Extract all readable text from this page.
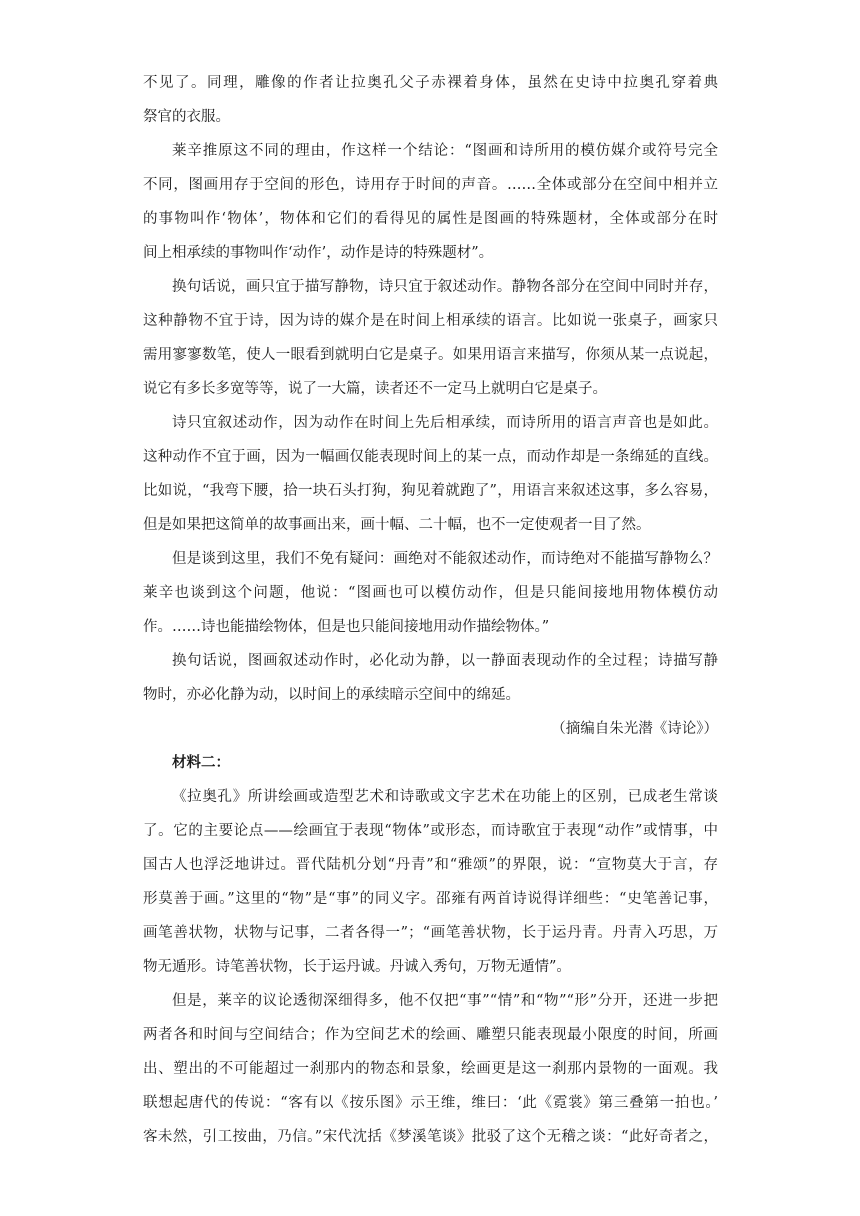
不见了。同理，雕像的作者让拉奥孔父子赤裸着身体，虽然在史诗中拉奥孔穿着典
祭官的衣服。
莱辛推原这不同的理由，作这样一个结论：“图画和诗所用的模仿媒介或符号完全
不同，图画用存于空间的形色，诗用存于时间的声音。……全体或部分在空间中相并立
的事物叫作‘物体’，物体和它们的看得见的属性是图画的特殊题材，全体或部分在时
间上相承续的事物叫作‘动作’，动作是诗的特殊题材”。
换句话说，画只宜于描写静物，诗只宜于叙述动作。静物各部分在空间中同时并存，
这种静物不宜于诗，因为诗的媒介是在时间上相承续的语言。比如说一张桌子，画家只
需用寥寥数笔，使人一眼看到就明白它是桌子。如果用语言来描写，你须从某一点说起，
说它有多长多宽等等，说了一大篇，读者还不一定马上就明白它是桌子。
诗只宜叙述动作，因为动作在时间上先后相承续，而诗所用的语言声音也是如此。
这种动作不宜于画，因为一幅画仅能表现时间上的某一点，而动作却是一条绵延的直线。
比如说，“我弯下腰，拾一块石头打狗，狗见着就跑了”，用语言来叙述这事，多么容易，
但是如果把这简单的故事画出来，画十幅、二十幅，也不一定使观者一目了然。
但是谈到这里，我们不免有疑问：画绝对不能叙述动作，而诗绝对不能描写静物么？
莱辛也谈到这个问题，他说：“图画也可以模仿动作，但是只能间接地用物体模仿动
作。……诗也能描绘物体，但是也只能间接地用动作描绘物体。”
换句话说，图画叙述动作时，必化动为静，以一静面表现动作的全过程；诗描写静
物时，亦必化静为动，以时间上的承续暗示空间中的绵延。
（摘编自朱光潜《诗论》）
材料二：
《拉奥孔》所讲绘画或造型艺术和诗歌或文字艺术在功能上的区别，已成老生常谈
了。它的主要论点——绘画宜于表现“物体”或形态，而诗歌宜于表现“动作”或情事，中
国古人也浮泛地讲过。晋代陆机分划“丹青”和“雅颂”的界限，说：“宣物莫大于言，存
形莫善于画。”这里的“物”是“事”的同义字。邵雍有两首诗说得详细些：“史笔善记事，
画笔善状物，状物与记事，二者各得一”；“画笔善状物，长于运丹青。丹青入巧思，万
物无遁形。诗笔善状物，长于运丹诚。丹诚入秀句，万物无遁情”。
但是，莱辛的议论透彻深细得多，他不仅把“事”“情”和“物”“形”分开，还进一步把
两者各和时间与空间结合；作为空间艺术的绘画、雕塑只能表现最小限度的时间，所画
出、塑出的不可能超过一刹那内的物态和景象，绘画更是这一刹那内景物的一面观。我
联想起唐代的传说：“客有以《按乐图》示王维，维曰：‘此《霓裳》第三叠第一拍也。’
客未然，引工按曲，乃信。”宋代沈括《梦溪笔谈》批驳了这个无稽之谈：“此好奇者之，
